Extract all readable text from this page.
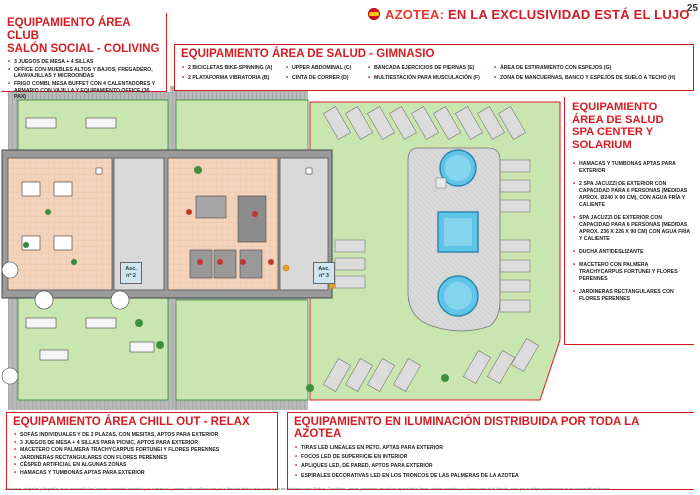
Asc.
nº 2
Asc.
nº 3
AZOTEA: EN LA EXCLUSIVIDAD ESTÁ EL LUJO
25
EQUIPAMIENTO ÁREA CLUB
SALÓN SOCIAL - COLIVING
• 3 JUEGOS DE MESA + 4 SILLAS
• OFFICE CON MUEBLES ALTOS Y BAJOS, FREGADERO, LAVAVAJILLAS Y MICROONDAS
• FRIGO COMBI, MESA BUFFET CON 4 CALENTADORES Y ARMARIO CON VAJILLA Y EQUIPAMIENTO OFFICE (36 PAX)
EQUIPAMIENTO ÁREA DE SALUD - GIMNASIO
• 2 BICICLETAS BIKE-SPINNING (A)
• 2 PLATAFORMA VIBRATORIA (B)
• UPPER ABDOMINAL (C)
• CINTA DE CORRER (D)
• BANCADA EJERCICIOS DE PIERNAS (E)
• MULTIESTACIÓN PARA MUSCULACIÓN (F)
• ÁREA DE ESTIRAMIENTO CON ESPEJOS (G)
• ZONA DE MANCUERNAS, BANCO Y ESPEJOS DE SUELO A TECHO (H)
EQUIPAMIENTO
ÁREA DE SALUD
SPA CENTER Y
SOLARIUM
• HAMACAS Y TUMBONAS APTAS PARA EXTERIOR
• 2 SPA JACUZZI DE EXTERIOR CON CAPACIDAD PARA 6 PERSONAS (MEDIDAS APROX. Ø240 X 90 CM), CON AGUA FRÍA Y CALIENTE
• SPA JACUZZI DE EXTERIOR CON CAPACIDAD PARA 6 PERSONAS (MEDIDAS APROX. 236 X 226 X 90 CM) CON AGUA FRÍA Y CALIENTE
• DUCHA ANTIDESLIZANTE
• MACETERO CON PALMERA TRACHYCARPUS FORTUNEI Y FLORES PERENNES
• JARDINERAS RECTANGULARES CON FLORES PERENNES
EQUIPAMIENTO ÁREA CHILL OUT - RELAX
• SOFÁS INDIVIDUALES Y DE 2 PLAZAS, CON MESITAS, APTOS PARA EXTERIOR
• 3 JUEGOS DE MESA + 4 SILLAS PARA PICNIC, APTOS PARA EXTERIOR
• MACETERO CON PALMERA TRACHYCARPUS FORTUNEI Y FLORES PERENNES
• JARDINERAS RECTANGULARES CON FLORES PERENNES
• CÉSPED ARTIFICIAL EN ALGUNAS ZONAS
• HAMACAS Y TUMBONAS APTAS PARA EXTERIOR
EQUIPAMIENTO EN ILUMINACIÓN DISTRIBUIDA POR TODA LA AZOTEA
• TIRAS LED LINEALES EN PETO, APTAS PARA EXTERIOR
• FOCOS LED DE SUPERFICIE EN INTERIOR
• APLIQUES LED, DE PARED, APTOS PARA EXTERIOR
• ESPIRALES DECORATIVAS LED EN LOS TRONCOS DE LAS PALMERAS DE LA AZOTEA
Los planos, infografías y fotografías de se documentI e tienI carácter meramente informativo y no contractual, y pueden sufrir modificaciones por la dirección técnica del proyecto o por las Administraciones Públicas. El mobiliario, plantas y elementos decorativos representados tienen carácter orientativo y no forman parte de la dotación, salvo que se indique expresamente en las características técnicas.
